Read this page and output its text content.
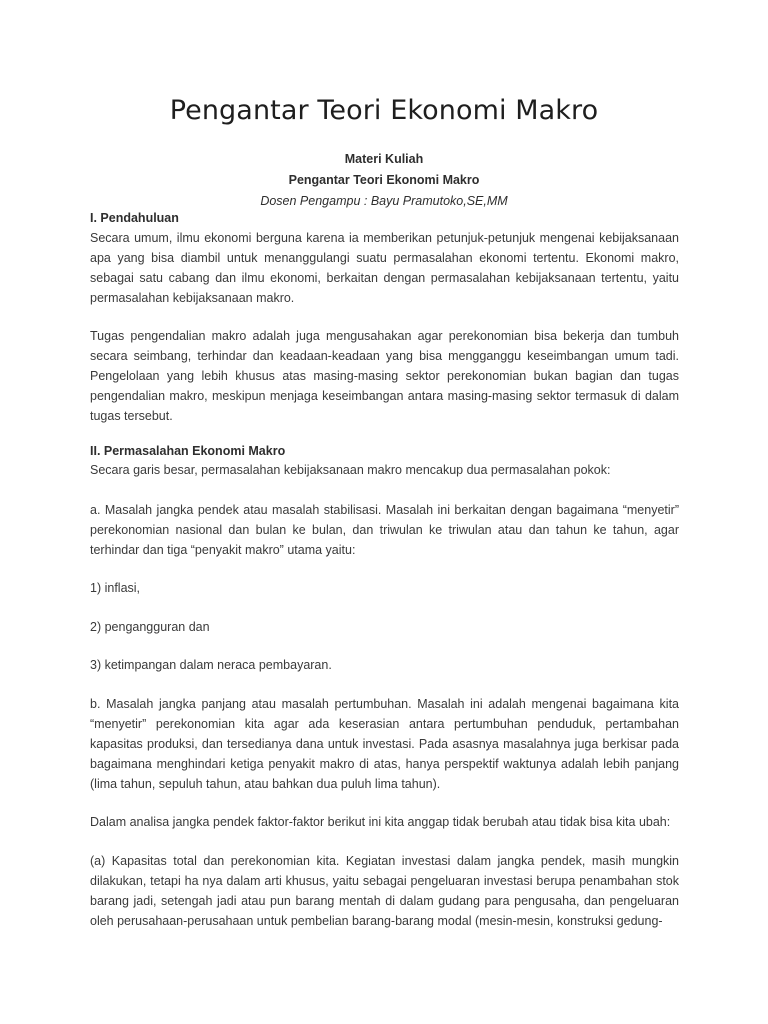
Pengantar Teori Ekonomi Makro

Materi Kuliah

Pengantar Teori Ekonomi Makro

Dosen Pengampu : Bayu Pramutoko,SE,MM

I. Pendahuluan

Secara umum, ilmu ekonomi berguna karena ia memberikan petunjuk-petunjuk mengenai kebijaksanaan apa yang bisa diambil untuk menanggulangi suatu permasalahan ekonomi tertentu. Ekonomi makro, sebagai satu cabang dan ilmu ekonomi, berkaitan dengan permasalahan kebijaksanaan tertentu, yaitu permasalahan kebijaksanaan makro.

Tugas pengendalian makro adalah juga mengusahakan agar perekonomian bisa bekerja dan tumbuh secara seimbang, terhindar dan keadaan-keadaan yang bisa mengganggu keseimbangan umum tadi. Pengelolaan yang lebih khusus atas masing-masing sektor perekonomian bukan bagian dan tugas pengendalian makro, meskipun menjaga keseimbangan antara masing-masing sektor termasuk di dalam tugas tersebut.

II. Permasalahan Ekonomi Makro

Secara garis besar, permasalahan kebijaksanaan makro mencakup dua permasalahan pokok:

a. Masalah jangka pendek atau masalah stabilisasi. Masalah ini berkaitan dengan bagaimana “menyetir” perekonomian nasional dan bulan ke bulan, dan triwulan ke triwulan atau dan tahun ke tahun, agar terhindar dan tiga “penyakit makro” utama yaitu:

1) inflasi,

2) pengangguran dan

3) ketimpangan dalam neraca pembayaran.

b. Masalah jangka panjang atau masalah pertumbuhan. Masalah ini adalah mengenai bagaimana kita “menyetir” perekonomian kita agar ada keserasian antara pertumbuhan penduduk, pertambahan kapasitas produksi, dan tersedianya dana untuk investasi. Pada asasnya masalahnya juga berkisar pada bagaimana menghindari ketiga penyakit makro di atas, hanya perspektif waktunya adalah lebih panjang (lima tahun, sepuluh tahun, atau bahkan dua puluh lima tahun).

Dalam analisa jangka pendek faktor-faktor berikut ini kita anggap tidak berubah atau tidak bisa kita ubah:

(a) Kapasitas total dan perekonomian kita. Kegiatan investasi dalam jangka pendek, masih mungkin dilakukan, tetapi ha nya dalam arti khusus, yaitu sebagai pengeluaran investasi berupa penambahan stok barang jadi, setengah jadi atau pun barang mentah di dalam gudang para pengusaha, dan pengeluaran oleh perusahaan-perusahaan untuk pembelian barang-barang modal (mesin-mesin, konstruksi gedung-
